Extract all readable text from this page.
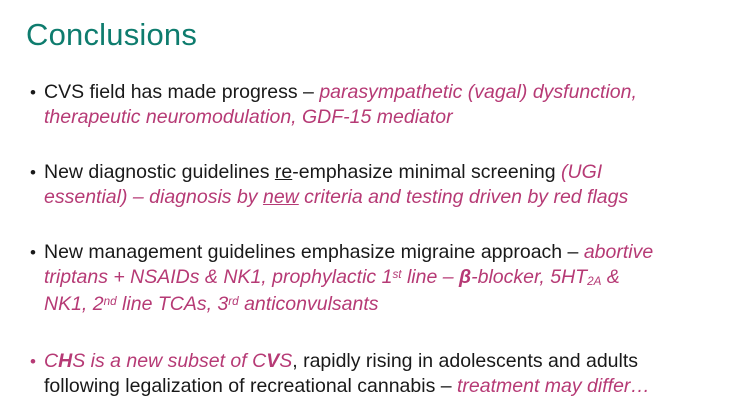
Conclusions
• CVS field has made progress – parasympathetic (vagal) dysfunction,
therapeutic neuromodulation, GDF-15 mediator
• New diagnostic guidelines re-emphasize minimal screening (UGI
essential) – diagnosis by new criteria and testing driven by red flags
• New management guidelines emphasize migraine approach – abortive
triptans + NSAIDs & NK1, prophylactic 1st line – β-blocker, 5HT2A &
NK1, 2nd line TCAs, 3rd anticonvulsants
• CHS is a new subset of CVS, rapidly rising in adolescents and adults
following legalization of recreational cannabis – treatment may differ…
